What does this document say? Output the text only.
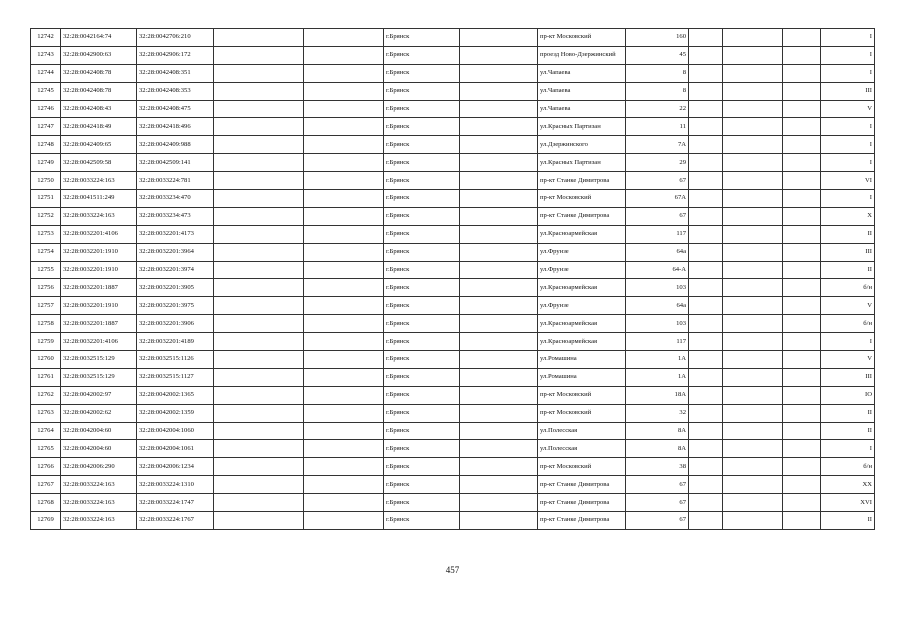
12742	32:28:0042164:74	32:28:0042706:210			г.Брянск		пр-кт Московский	160				I
12743	32:28:0042900:63	32:28:0042906:172			г.Брянск		проезд Ново-Дзержинский	45				I
12744	32:28:0042408:78	32:28:0042408:351			г.Брянск		ул.Чапаева	8				I
12745	32:28:0042408:78	32:28:0042408:353			г.Брянск		ул.Чапаева	8				III
12746	32:28:0042408:43	32:28:0042408:475			г.Брянск		ул.Чапаева	22				V
12747	32:28:0042418:49	32:28:0042418:496			г.Брянск		ул.Красных Партизан	11				I
12748	32:28:0042409:65	32:28:0042409:988			г.Брянск		ул.Дзержинского	7А				I
12749	32:28:0042509:58	32:28:0042509:141			г.Брянск		ул.Красных Партизан	29				I
12750	32:28:0033224:163	32:28:0033224:781			г.Брянск		пр-кт Станке Димитрова	67				VI
12751	32:28:0041511:249	32:28:0033234:470			г.Брянск		пр-кт Московский	67А				I
12752	32:28:0033224:163	32:28:0033234:473			г.Брянск		пр-кт Станке Димитрова	67				X
12753	32:28:0032201:4106	32:28:0032201:4173			г.Брянск		ул.Красноармейская	117				II
12754	32:28:0032201:1910	32:28:0032201:3964			г.Брянск		ул.Фрунзе	64а				III
12755	32:28:0032201:1910	32:28:0032201:3974			г.Брянск		ул.Фрунзе	64-А				II
12756	32:28:0032201:1887	32:28:0032201:3905			г.Брянск		ул.Красноармейская	103				б/н
12757	32:28:0032201:1910	32:28:0032201:3975			г.Брянск		ул.Фрунзе	64а				V
12758	32:28:0032201:1887	32:28:0032201:3906			г.Брянск		ул.Красноармейская	103				б/н
12759	32:28:0032201:4106	32:28:0032201:4189			г.Брянск		ул.Красноармейская	117				I
12760	32:28:0032515:129	32:28:0032515:1126			г.Брянск		ул.Ромашина	1А				V
12761	32:28:0032515:129	32:28:0032515:1127			г.Брянск		ул.Ромашина	1А				III
12762	32:28:0042002:97	32:28:0042002:1365			г.Брянск		пр-кт Московский	18А				IO
12763	32:28:0042002:62	32:28:0042002:1359			г.Брянск		пр-кт Московский	32				II
12764	32:28:0042004:60	32:28:0042004:1060			г.Брянск		ул.Полесская	8А				II
12765	32:28:0042004:60	32:28:0042004:1061			г.Брянск		ул.Полесская	8А				I
12766	32:28:0042006:290	32:28:0042006:1234			г.Брянск		пр-кт Московский	38				б/н
12767	32:28:0033224:163	32:28:0033224:1310			г.Брянск		пр-кт Станке Димитрова	67				XX
12768	32:28:0033224:163	32:28:0033224:1747			г.Брянск		пр-кт Станке Димитрова	67				XVI
12769	32:28:0033224:163	32:28:0033224:1767			г.Брянск		пр-кт Станке Димитрова	67				II
457
